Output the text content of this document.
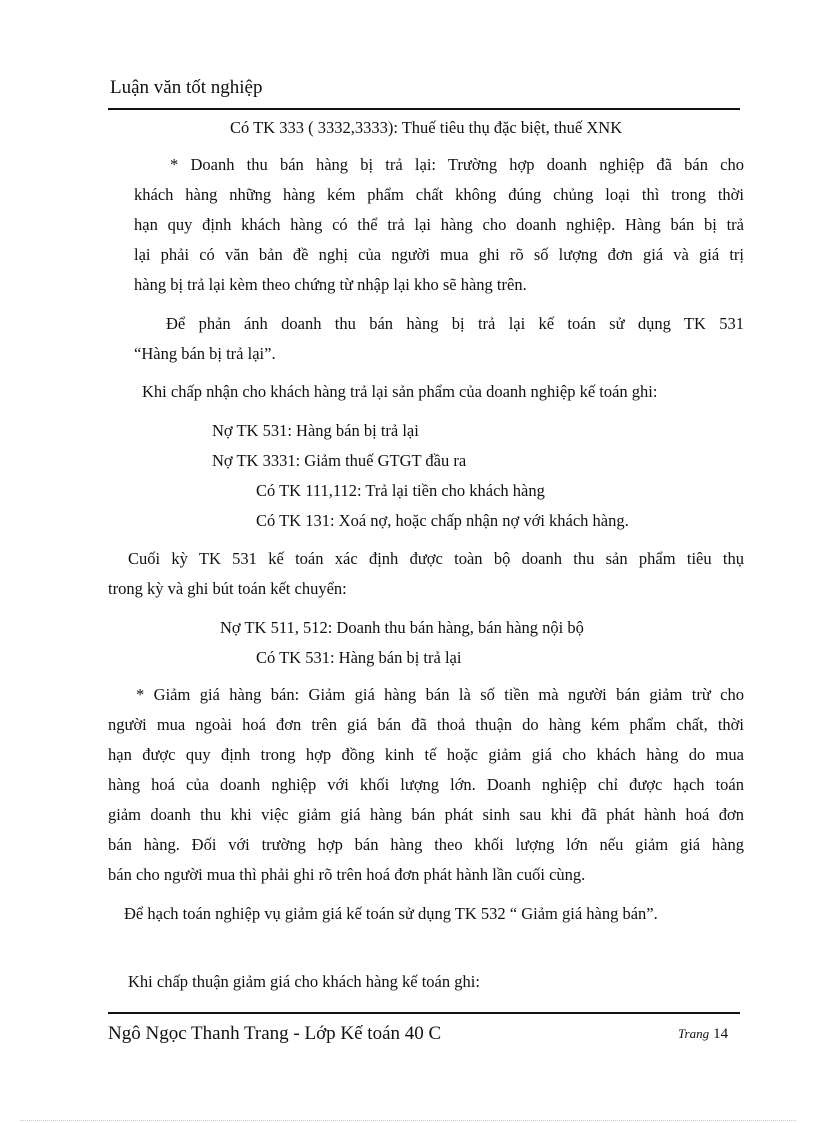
Luận văn tốt nghiệp
Có TK 333 ( 3332,3333): Thuế tiêu thụ đặc biệt, thuế XNK
* Doanh thu bán hàng bị trả lại: Trường hợp doanh nghiệp đã bán cho
khách hàng những hàng kém phẩm chất không đúng chủng loại thì trong thời
hạn quy định khách hàng có thể trả lại hàng cho doanh nghiệp. Hàng bán bị trả
lại phải có văn bản đề nghị của người mua ghi rõ số lượng đơn giá và giá trị
hàng bị trả lại kèm theo chứng từ nhập lại kho sẽ hàng trên.
Để phản ánh doanh thu bán hàng bị trả lại kế toán sử dụng TK 531
“Hàng bán bị trả lại”.
Khi chấp nhận cho khách hàng trả lại sản phẩm của doanh nghiệp kế toán ghi:
Nợ TK 531: Hàng bán bị trả lại
Nợ TK 3331: Giảm thuế GTGT đầu ra
Có TK 111,112: Trả lại tiền cho khách hàng
Có TK 131: Xoá nợ, hoặc chấp nhận nợ với khách hàng.
Cuối kỳ TK 531 kế toán xác định được toàn bộ doanh thu sản phẩm tiêu thụ
trong kỳ và ghi bút toán kết chuyển:
Nợ TK 511, 512: Doanh thu bán hàng, bán hàng nội bộ
Có TK 531: Hàng bán bị trả lại
* Giảm giá hàng bán: Giảm giá hàng bán là số tiền mà người bán giảm trừ cho
người mua ngoài hoá đơn trên giá bán đã thoả thuận do hàng kém phẩm chất, thời
hạn được quy định trong hợp đồng kinh tế hoặc giảm giá cho khách hàng do mua
hàng hoá của doanh nghiệp với khối lượng lớn. Doanh nghiệp chỉ được hạch toán
giảm doanh thu khi việc giảm giá hàng bán phát sinh sau khi đã phát hành hoá đơn
bán hàng. Đối với trường hợp bán hàng theo khối lượng lớn nếu giảm giá hàng
bán cho người mua thì phải ghi rõ trên hoá đơn phát hành lần cuối cùng.
Để hạch toán nghiệp vụ giảm giá kế toán sử dụng TK 532 “ Giảm giá hàng bán”.
Khi chấp thuận giảm giá cho khách hàng kế toán ghi:
Ngô Ngọc Thanh Trang - Lớp Kế toán 40 C	Trang 14
